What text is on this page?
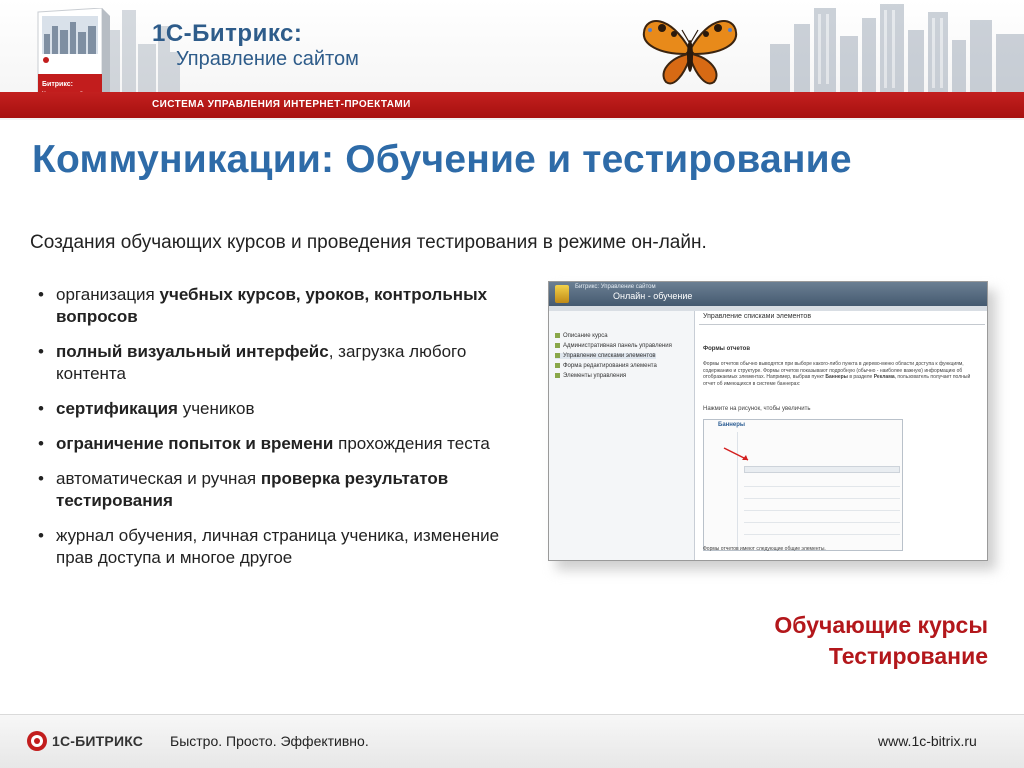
Битрикс:
1С-Битрикс:
Управление сайтом
СИСТЕМА УПРАВЛЕНИЯ ИНТЕРНЕТ-ПРОЕКТАМИ
Коммуникации: Обучение и тестирование
Создания обучающих курсов и проведения тестирования в режиме он-лайн.
• организация учебных курсов, уроков, контрольных вопросов
• полный визуальный интерфейс, загрузка любого контента
• сертификация учеников
• ограничение попыток и времени прохождения теста
• автоматическая и ручная проверка результатов тестирования
• журнал обучения, личная страница ученика, изменение прав доступа и многое другое
Битрикс: Управление сайтом
Онлайн - обучение
Описание курса
Административная панель управления
Управление списками элементов
Форма редактирования элемента
Элементы управления
Управление списками элементов
Формы отчетов
Формы отчетов обычно выводятся при выборе какого-либо пункта в дерево-меню области доступа к функциям, содержанию и структуре. Формы отчетов показывают подробную (обычно - наиболее важную) информацию об отображаемых элементах. Например, выбрав пункт Баннеры в разделе Реклама, пользователь получает полный отчет об имеющихся в системе баннерах:
Нажмите на рисунок, чтобы увеличить
Баннеры
Формы отчетов имеют следующие общие элементы.
Обучающие курсы
Тестирование
1С-БИТРИКС Быстро. Просто. Эффективно.	www.1c-bitrix.ru
